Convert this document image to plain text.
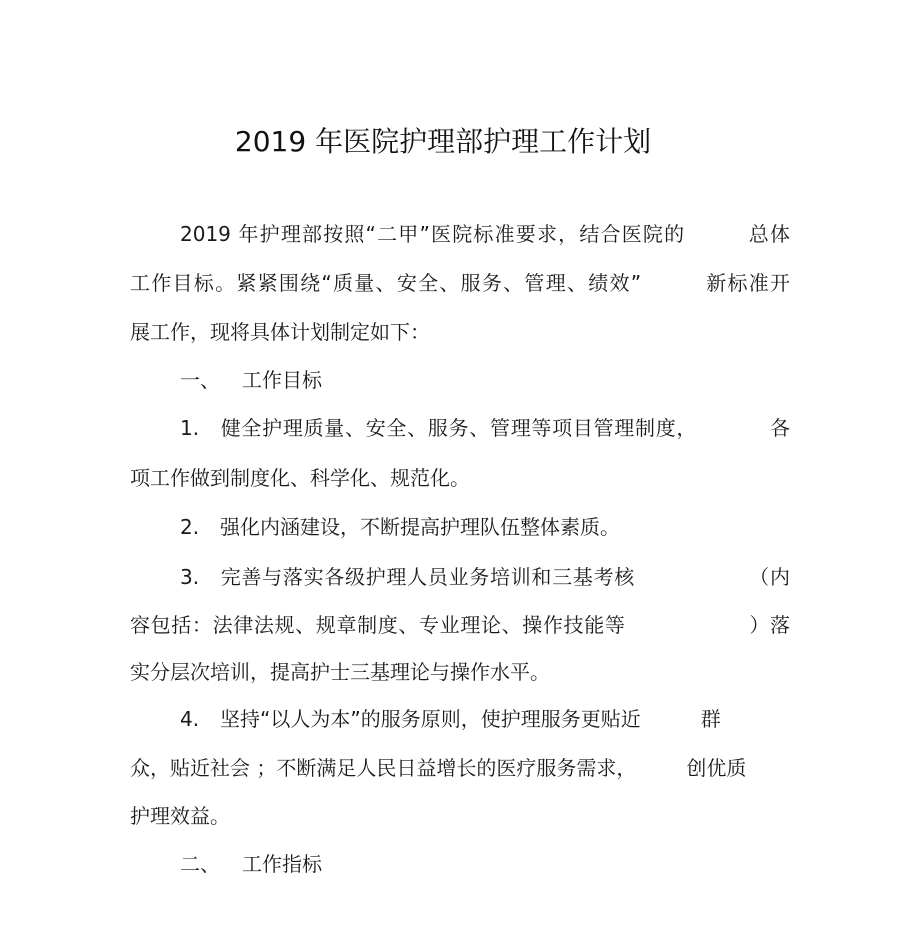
2019 年医院护理部护理工作计划
2019 年护理部按照“二甲”医院标准要求，结合医院的　　　总体
工作目标。紧紧围绕“质量、安全、服务、管理、绩效”　　　新标准开
展工作，现将具体计划制定如下：
一、 工作目标
1. 健全护理质量、安全、服务、管理等项目管理制度，　　　　各
项工作做到制度化、科学化、规范化。
2. 强化内涵建设，不断提高护理队伍整体素质。
3. 完善与落实各级护理人员业务培训和三基考核　　　　　　（内
容包括：法律法规、规章制度、专业理论、操作技能等　　　　　　）落
实分层次培训，提高护士三基理论与操作水平。
4. 坚持“以人为本”的服务原则，使护理服务更贴近　　　群
众，贴近社会 ；不断满足人民日益增长的医疗服务需求，　　　创优质
护理效益。
二、 工作指标
